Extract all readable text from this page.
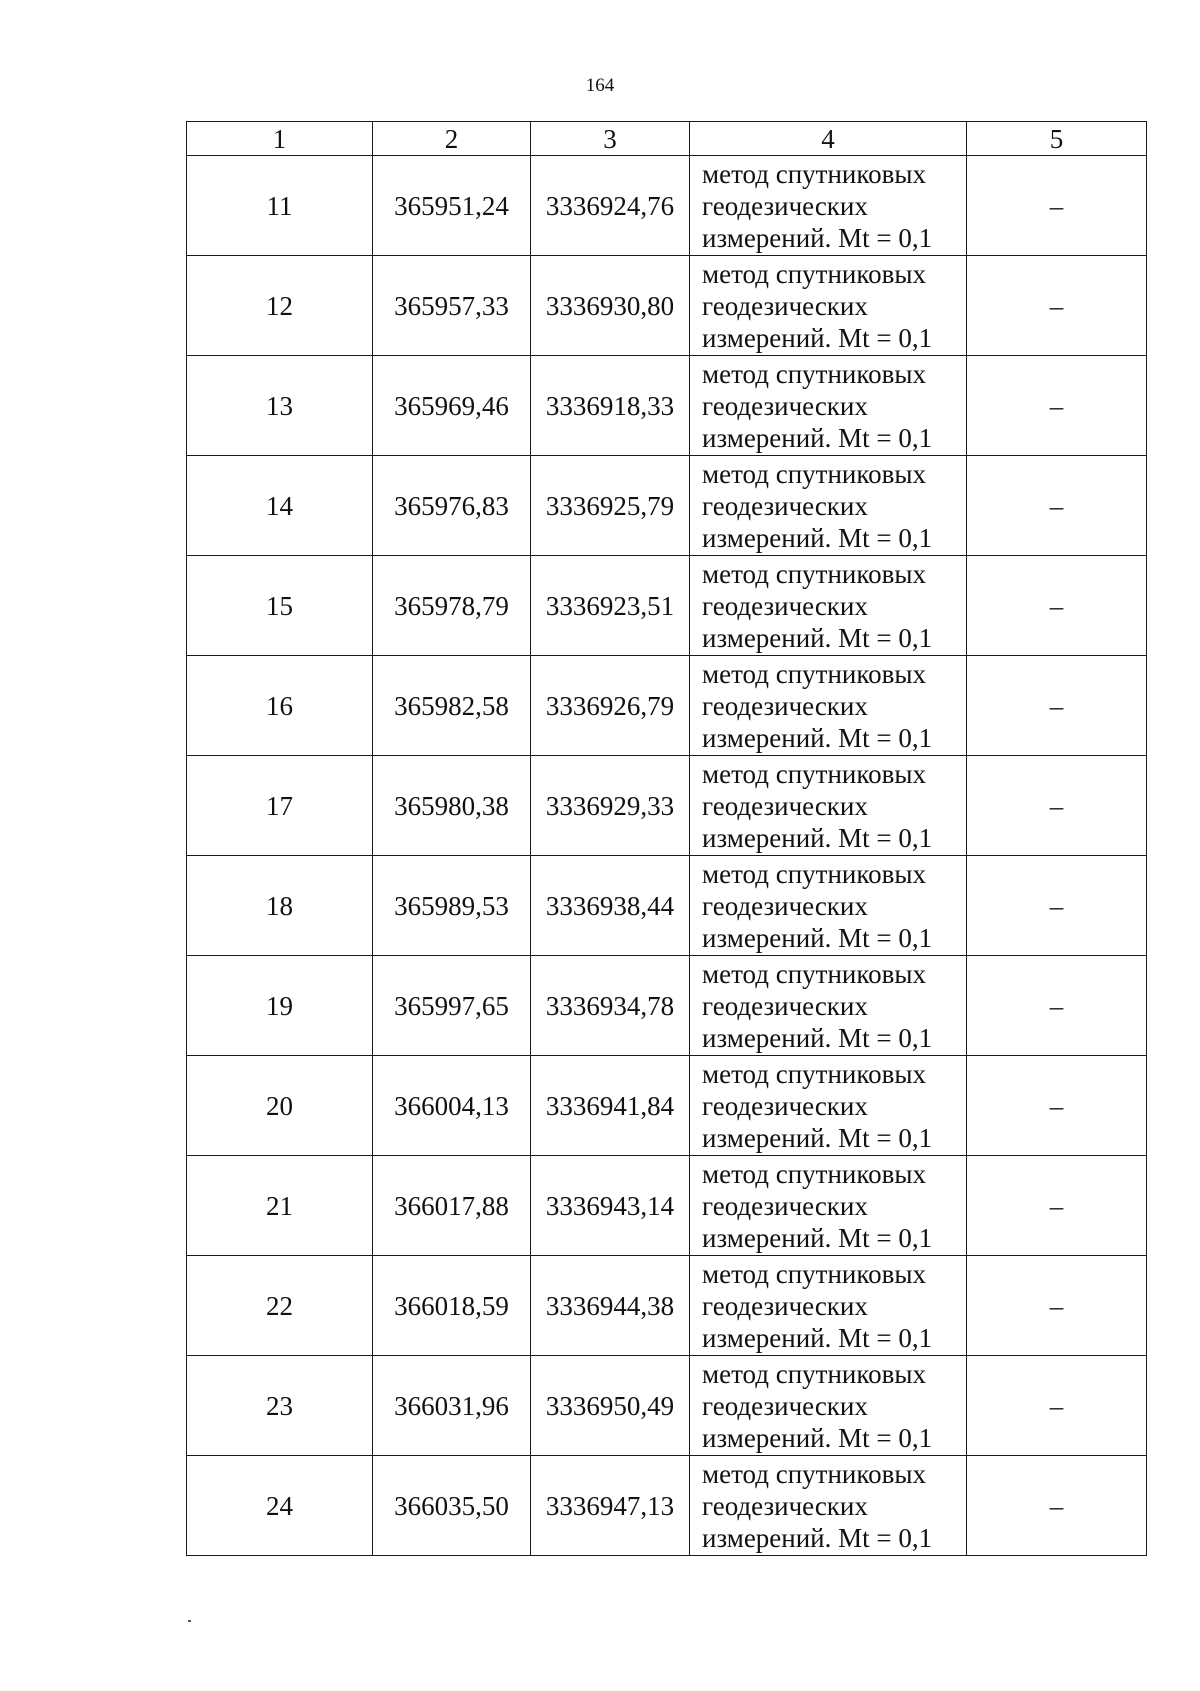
164
1	2	3	4	5
11	365951,24	3336924,76	метод спутниковых
геодезических
измерений. Mt = 0,1	–
12	365957,33	3336930,80	метод спутниковых
геодезических
измерений. Mt = 0,1	–
13	365969,46	3336918,33	метод спутниковых
геодезических
измерений. Mt = 0,1	–
14	365976,83	3336925,79	метод спутниковых
геодезических
измерений. Mt = 0,1	–
15	365978,79	3336923,51	метод спутниковых
геодезических
измерений. Mt = 0,1	–
16	365982,58	3336926,79	метод спутниковых
геодезических
измерений. Mt = 0,1	–
17	365980,38	3336929,33	метод спутниковых
геодезических
измерений. Mt = 0,1	–
18	365989,53	3336938,44	метод спутниковых
геодезических
измерений. Mt = 0,1	–
19	365997,65	3336934,78	метод спутниковых
геодезических
измерений. Mt = 0,1	–
20	366004,13	3336941,84	метод спутниковых
геодезических
измерений. Mt = 0,1	–
21	366017,88	3336943,14	метод спутниковых
геодезических
измерений. Mt = 0,1	–
22	366018,59	3336944,38	метод спутниковых
геодезических
измерений. Mt = 0,1	–
23	366031,96	3336950,49	метод спутниковых
геодезических
измерений. Mt = 0,1	–
24	366035,50	3336947,13	метод спутниковых
геодезических
измерений. Mt = 0,1	–
